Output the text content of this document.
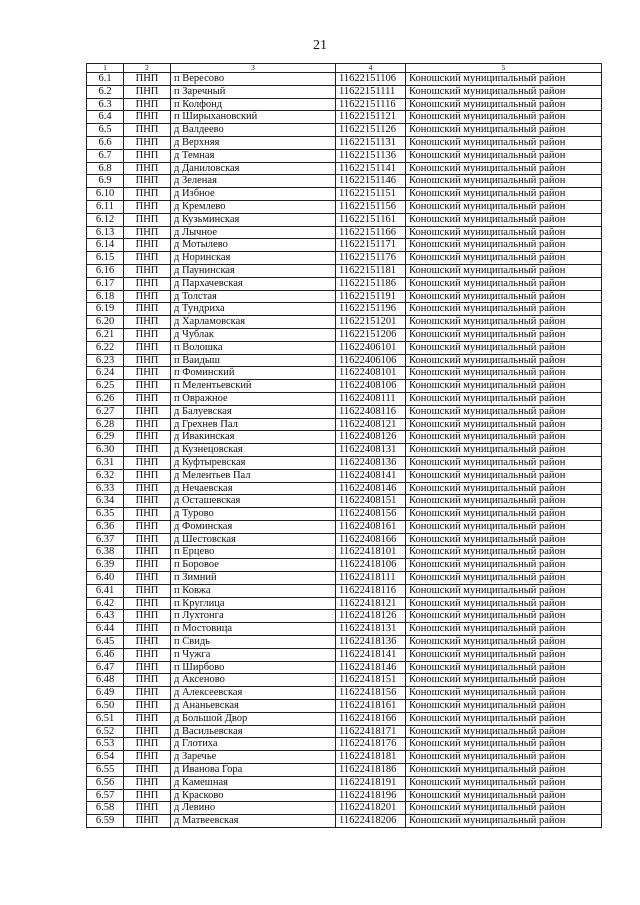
21
1	2	3	4	5
6.1	ПНП	п Вересово	11622151106	Коношский муниципальный район
6.2	ПНП	п Заречный	11622151111	Коношский муниципальный район
6.3	ПНП	п Колфонд	11622151116	Коношский муниципальный район
6.4	ПНП	п Ширыхановский	11622151121	Коношский муниципальный район
6.5	ПНП	д Валдеево	11622151126	Коношский муниципальный район
6.6	ПНП	д Верхняя	11622151131	Коношский муниципальный район
6.7	ПНП	д Темная	11622151136	Коношский муниципальный район
6.8	ПНП	д Даниловская	11622151141	Коношский муниципальный район
6.9	ПНП	д Зеленая	11622151146	Коношский муниципальный район
6.10	ПНП	д Избное	11622151151	Коношский муниципальный район
6.11	ПНП	д Кремлево	11622151156	Коношский муниципальный район
6.12	ПНП	д Кузьминская	11622151161	Коношский муниципальный район
6.13	ПНП	д Лычное	11622151166	Коношский муниципальный район
6.14	ПНП	д Мотылево	11622151171	Коношский муниципальный район
6.15	ПНП	д Норинская	11622151176	Коношский муниципальный район
6.16	ПНП	д Паунинская	11622151181	Коношский муниципальный район
6.17	ПНП	д Пархачевская	11622151186	Коношский муниципальный район
6.18	ПНП	д Толстая	11622151191	Коношский муниципальный район
6.19	ПНП	д Тундриха	11622151196	Коношский муниципальный район
6.20	ПНП	д Харламовская	11622151201	Коношский муниципальный район
6.21	ПНП	д Чублак	11622151206	Коношский муниципальный район
6.22	ПНП	п Волошка	11622406101	Коношский муниципальный район
6.23	ПНП	п Ваидыш	11622406106	Коношский муниципальный район
6.24	ПНП	п Фоминский	11622408101	Коношский муниципальный район
6.25	ПНП	п Мелентьевский	11622408106	Коношский муниципальный район
6.26	ПНП	п Овражное	11622408111	Коношский муниципальный район
6.27	ПНП	д Балуевская	11622408116	Коношский муниципальный район
6.28	ПНП	д Грехнев Пал	11622408121	Коношский муниципальный район
6.29	ПНП	д Ивакинская	11622408126	Коношский муниципальный район
6.30	ПНП	д Кузнецовская	11622408131	Коношский муниципальный район
6.31	ПНП	д Куфтыревская	11622408136	Коношский муниципальный район
6.32	ПНП	д Мелентьев Пал	11622408141	Коношский муниципальный район
6.33	ПНП	д Нечаевская	11622408146	Коношский муниципальный район
6.34	ПНП	д Осташевская	11622408151	Коношский муниципальный район
6.35	ПНП	д Турово	11622408156	Коношский муниципальный район
6.36	ПНП	д Фоминская	11622408161	Коношский муниципальный район
6.37	ПНП	д Шестовская	11622408166	Коношский муниципальный район
6.38	ПНП	п Ерцево	11622418101	Коношский муниципальный район
6.39	ПНП	п Боровое	11622418106	Коношский муниципальный район
6.40	ПНП	п Зимний	11622418111	Коношский муниципальный район
6.41	ПНП	п Ковжа	11622418116	Коношский муниципальный район
6.42	ПНП	п Круглица	11622418121	Коношский муниципальный район
6.43	ПНП	п Лухтонга	11622418126	Коношский муниципальный район
6.44	ПНП	п Мостовица	11622418131	Коношский муниципальный район
6.45	ПНП	п Свидь	11622418136	Коношский муниципальный район
6.46	ПНП	п Чужга	11622418141	Коношский муниципальный район
6.47	ПНП	п Ширбово	11622418146	Коношский муниципальный район
6.48	ПНП	д Аксеново	11622418151	Коношский муниципальный район
6.49	ПНП	д Алексеевская	11622418156	Коношский муниципальный район
6.50	ПНП	д Ананьевская	11622418161	Коношский муниципальный район
6.51	ПНП	д Большой Двор	11622418166	Коношский муниципальный район
6.52	ПНП	д Васильевская	11622418171	Коношский муниципальный район
6.53	ПНП	д Глотиха	11622418176	Коношский муниципальный район
6.54	ПНП	д Заречье	11622418181	Коношский муниципальный район
6.55	ПНП	д Иванова Гора	11622418186	Коношский муниципальный район
6.56	ПНП	д Камешная	11622418191	Коношский муниципальный район
6.57	ПНП	д Красково	11622418196	Коношский муниципальный район
6.58	ПНП	д Левино	11622418201	Коношский муниципальный район
6.59	ПНП	д Матвеевская	11622418206	Коношский муниципальный район
